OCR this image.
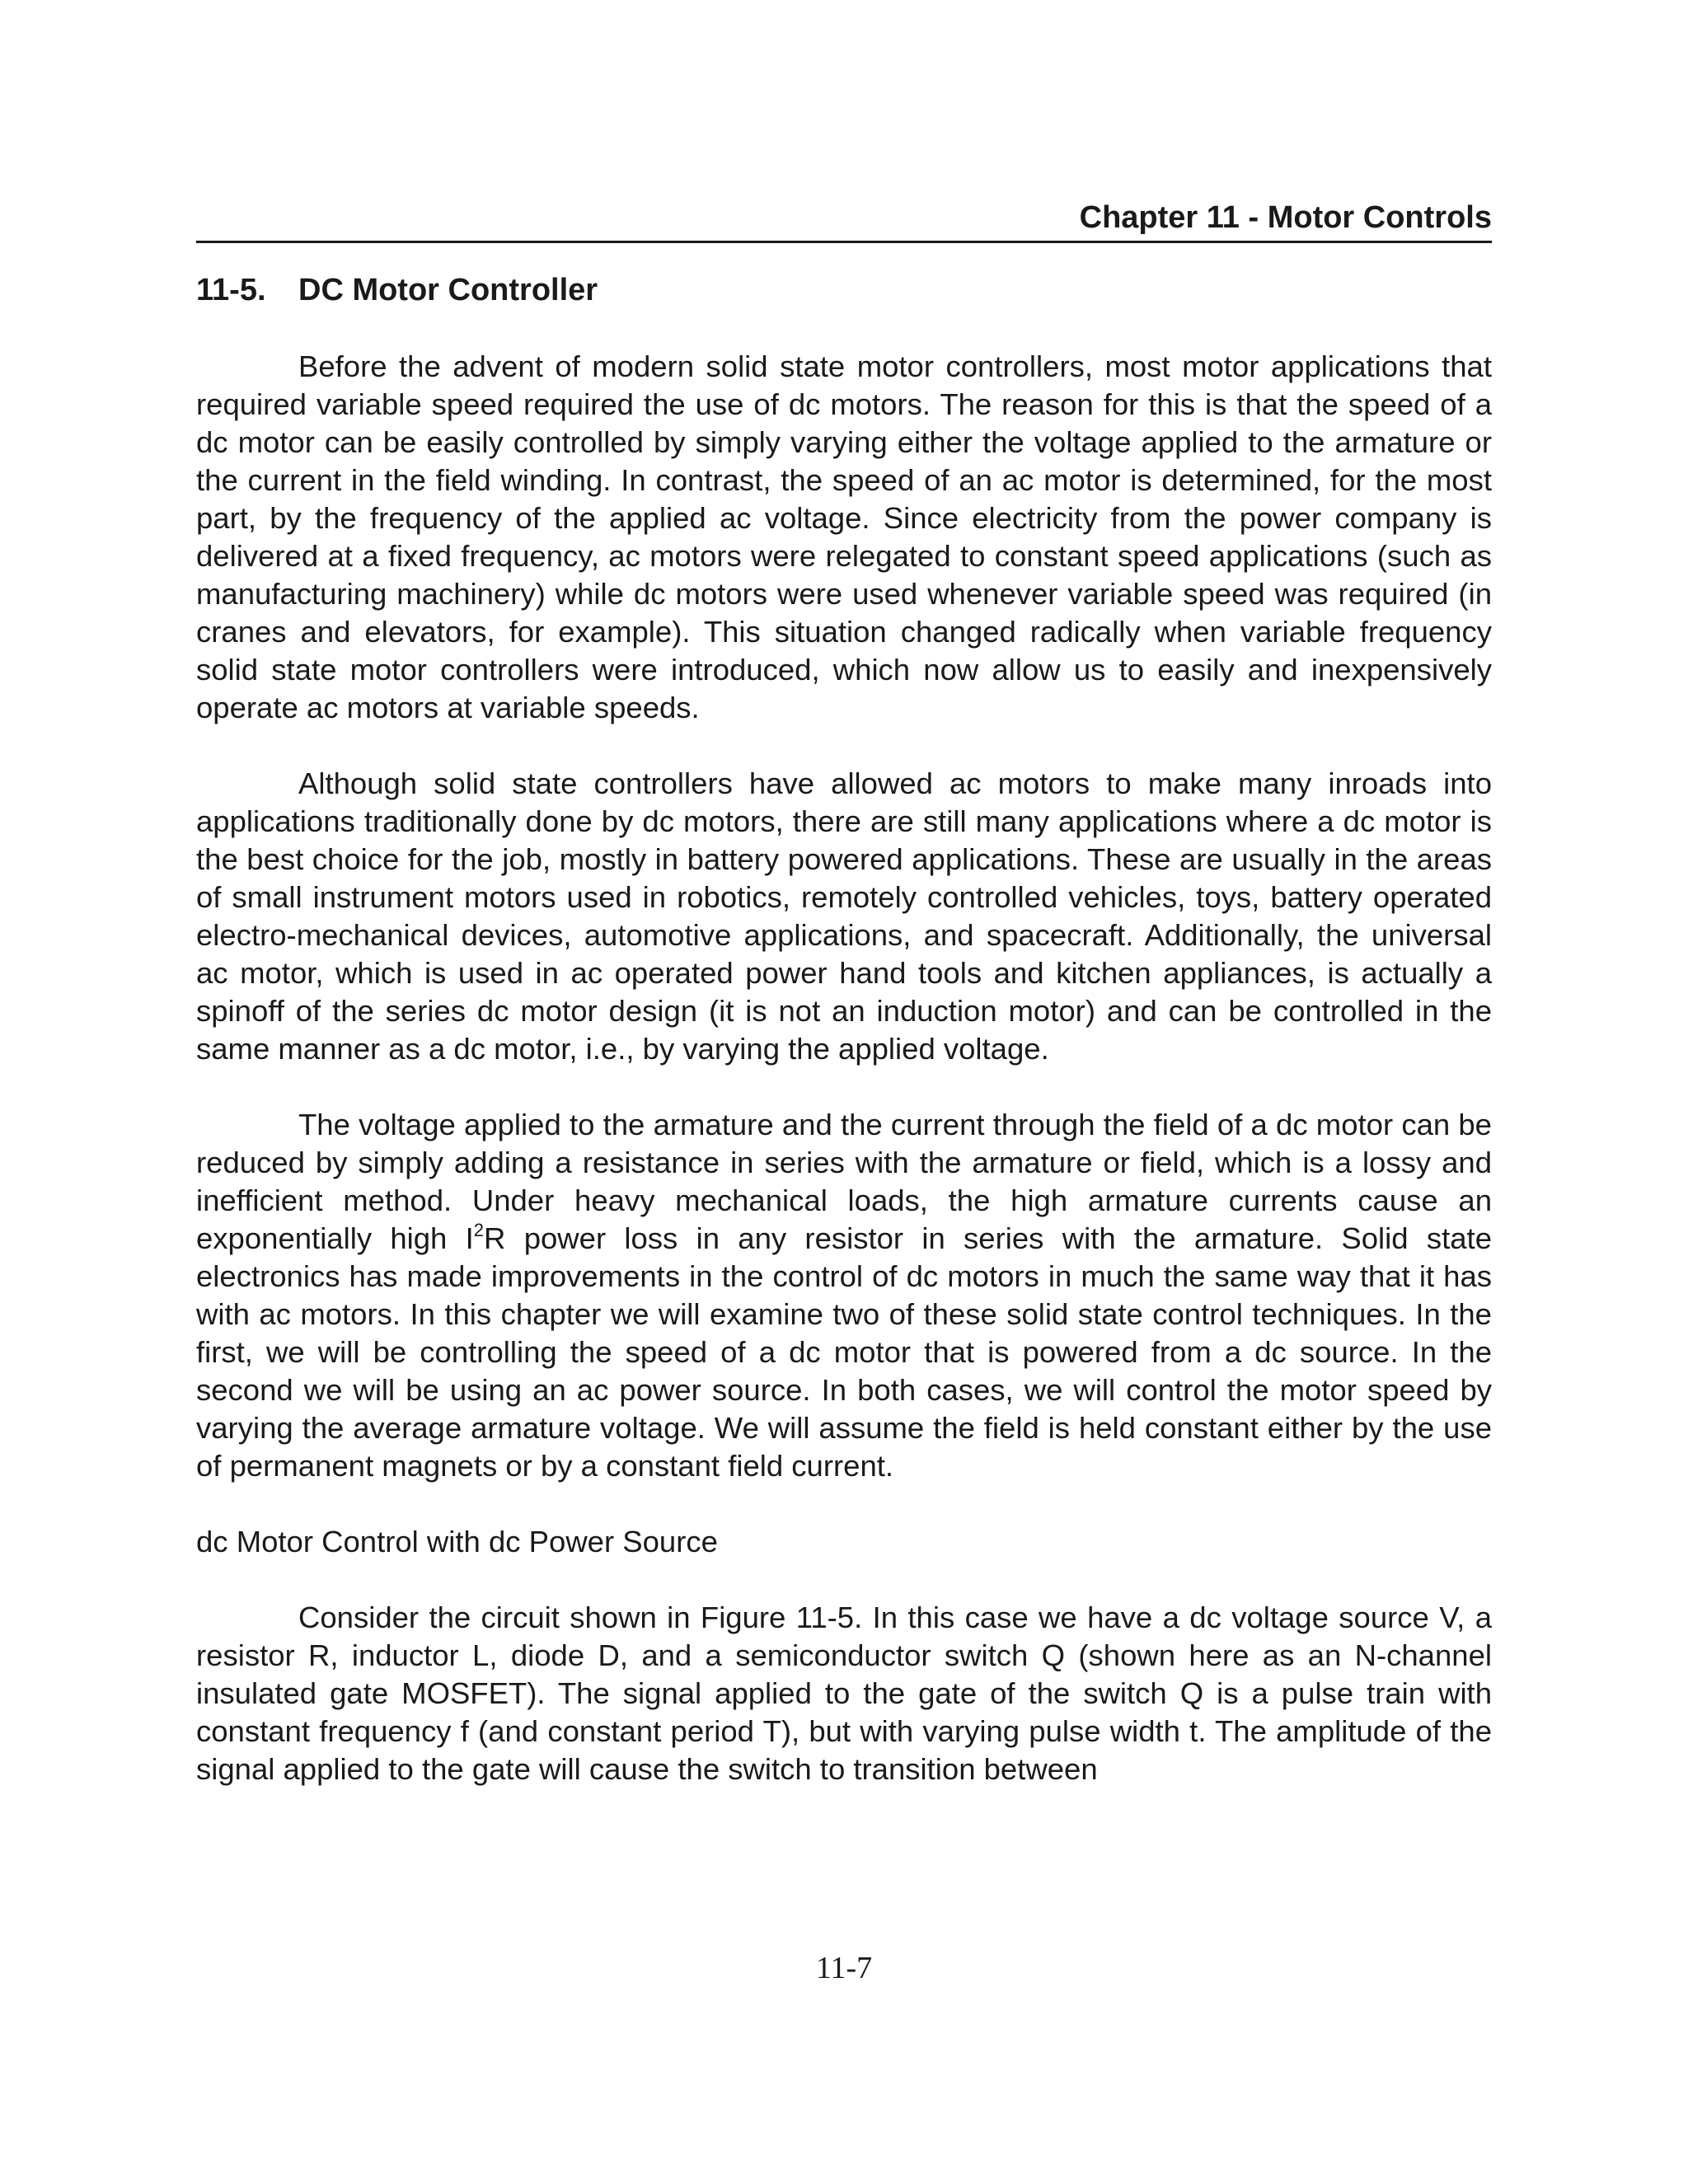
Chapter 11 - Motor Controls
11-5. DC Motor Controller

Before the advent of modern solid state motor controllers, most motor applications that required variable speed required the use of dc motors. The reason for this is that the speed of a dc motor can be easily controlled by simply varying either the voltage applied to the armature or the current in the field winding. In contrast, the speed of an ac motor is determined, for the most part, by the frequency of the applied ac voltage. Since electricity from the power company is delivered at a fixed frequency, ac motors were relegated to constant speed applications (such as manufacturing machinery) while dc motors were used whenever variable speed was required (in cranes and elevators, for example). This situation changed radically when variable frequency solid state motor controllers were introduced, which now allow us to easily and inexpensively operate ac motors at variable speeds.

Although solid state controllers have allowed ac motors to make many inroads into applications traditionally done by dc motors, there are still many applications where a dc motor is the best choice for the job, mostly in battery powered applications. These are usually in the areas of small instrument motors used in robotics, remotely controlled vehicles, toys, battery operated electro-mechanical devices, automotive applications, and spacecraft. Additionally, the universal ac motor, which is used in ac operated power hand tools and kitchen appliances, is actually a spinoff of the series dc motor design (it is not an induction motor) and can be controlled in the same manner as a dc motor, i.e., by varying the applied voltage.

The voltage applied to the armature and the current through the field of a dc motor can be reduced by simply adding a resistance in series with the armature or field, which is a lossy and inefficient method. Under heavy mechanical loads, the high armature currents cause an exponentially high $I^2R$ power loss in any resistor in series with the armature. Solid state electronics has made improvements in the control of dc motors in much the same way that it has with ac motors. In this chapter we will examine two of these solid state control techniques. In the first, we will be controlling the speed of a dc motor that is powered from a dc source. In the second we will be using an ac power source. In both cases, we will control the motor speed by varying the average armature voltage. We will assume the field is held constant either by the use of permanent magnets or by a constant field current.

dc Motor Control with dc Power Source

Consider the circuit shown in Figure 11-5. In this case we have a dc voltage source V, a resistor R, inductor L, diode D, and a semiconductor switch Q (shown here as an N-channel insulated gate MOSFET). The signal applied to the gate of the switch Q is a pulse train with constant frequency f (and constant period T), but with varying pulse width t. The amplitude of the signal applied to the gate will cause the switch to transition between

11-7
